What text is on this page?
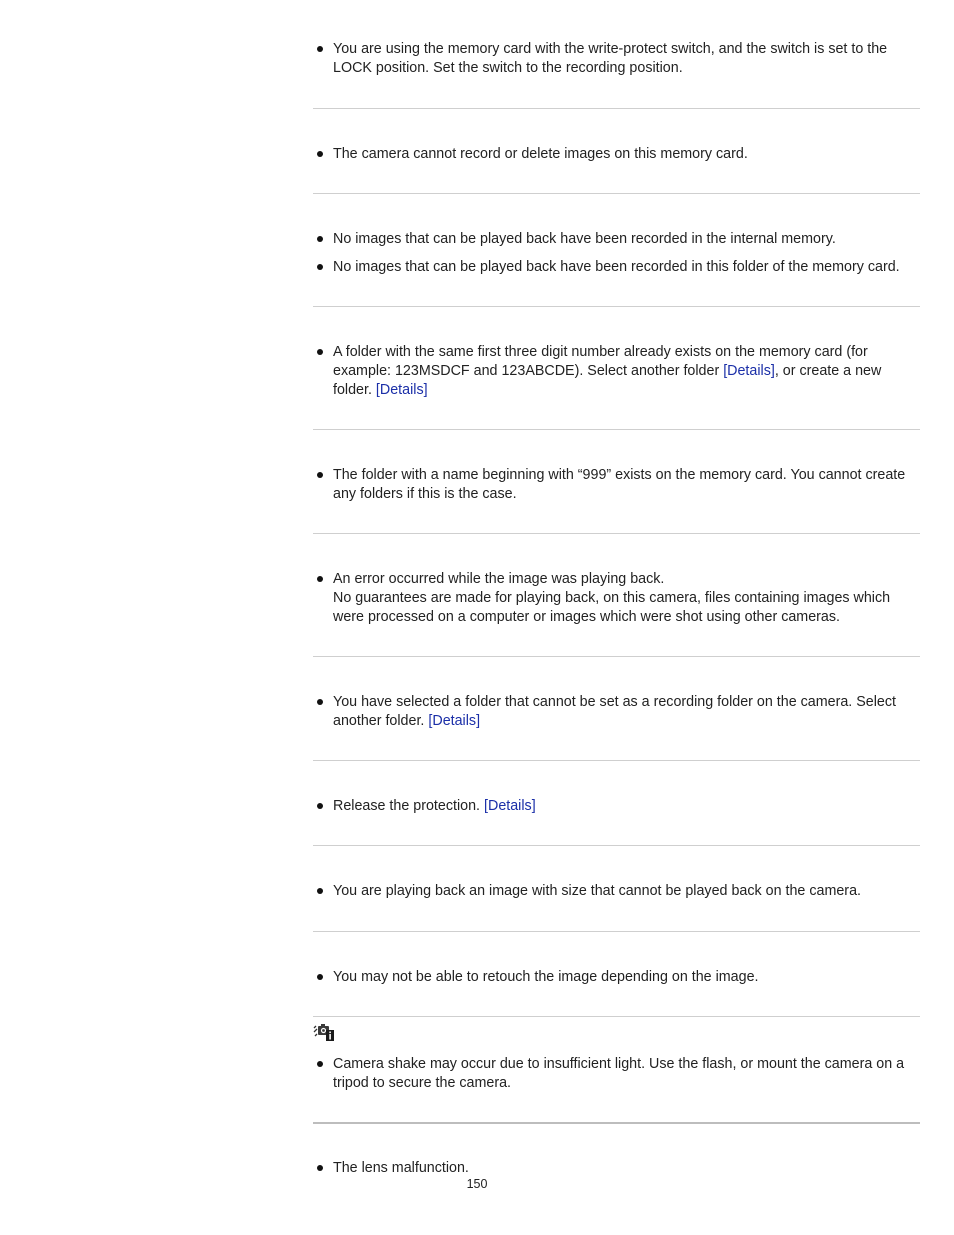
You are using the memory card with the write-protect switch, and the switch is set to the LOCK position. Set the switch to the recording position.
The camera cannot record or delete images on this memory card.
No images that can be played back have been recorded in the internal memory.
No images that can be played back have been recorded in this folder of the memory card.
A folder with the same first three digit number already exists on the memory card (for example: 123MSDCF and 123ABCDE). Select another folder [Details], or create a new folder. [Details]
The folder with a name beginning with “999” exists on the memory card. You cannot create any folders if this is the case.
An error occurred while the image was playing back.
No guarantees are made for playing back, on this camera, files containing images which were processed on a computer or images which were shot using other cameras.
You have selected a folder that cannot be set as a recording folder on the camera. Select another folder. [Details]
Release the protection. [Details]
You are playing back an image with size that cannot be played back on the camera.
You may not be able to retouch the image depending on the image.
Camera shake may occur due to insufficient light. Use the flash, or mount the camera on a tripod to secure the camera.
The lens malfunction.
150
